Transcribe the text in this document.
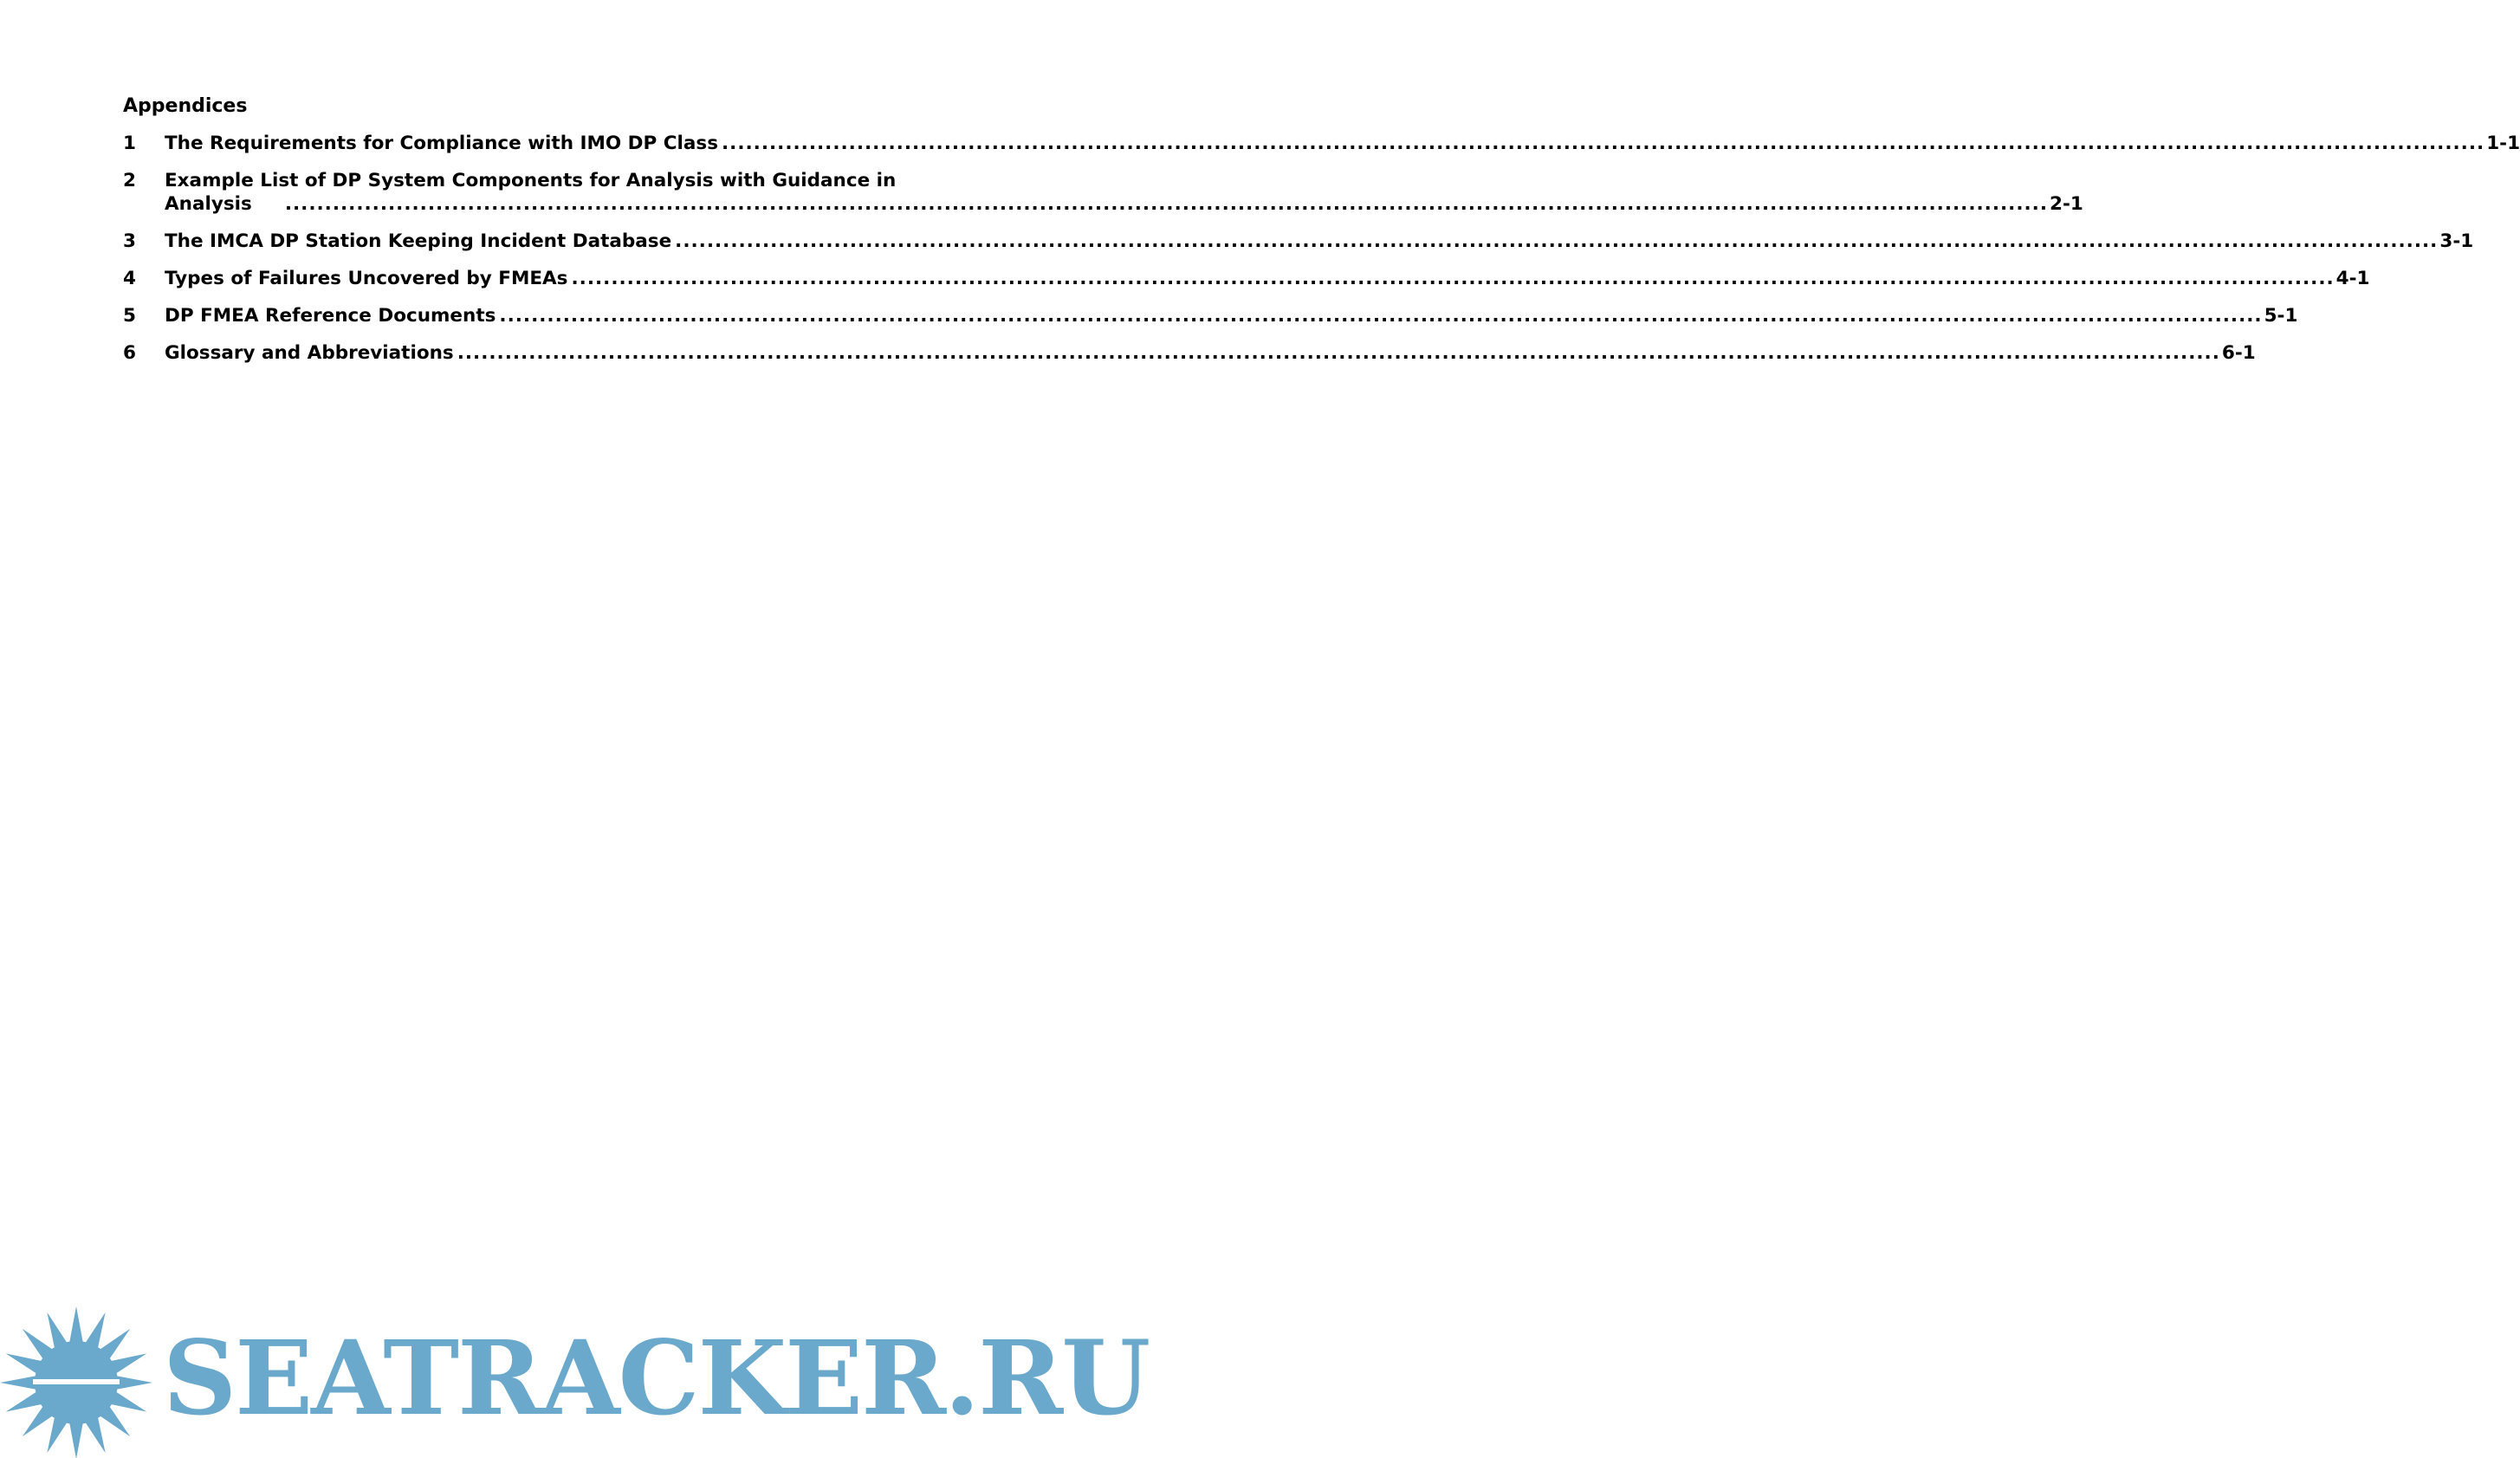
Appendices
1	The Requirements for Compliance with IMO DP Class .....	1-1
2	Example List of DP System Components for Analysis with Guidance in
Analysis .....	2-1
3	The IMCA DP Station Keeping Incident Database .....	3-1
4	Types of Failures Uncovered by FMEAs .....	4-1
5	DP FMEA Reference Documents .....	5-1
6	Glossary and Abbreviations .....	6-1
SEATRACKER.RU
